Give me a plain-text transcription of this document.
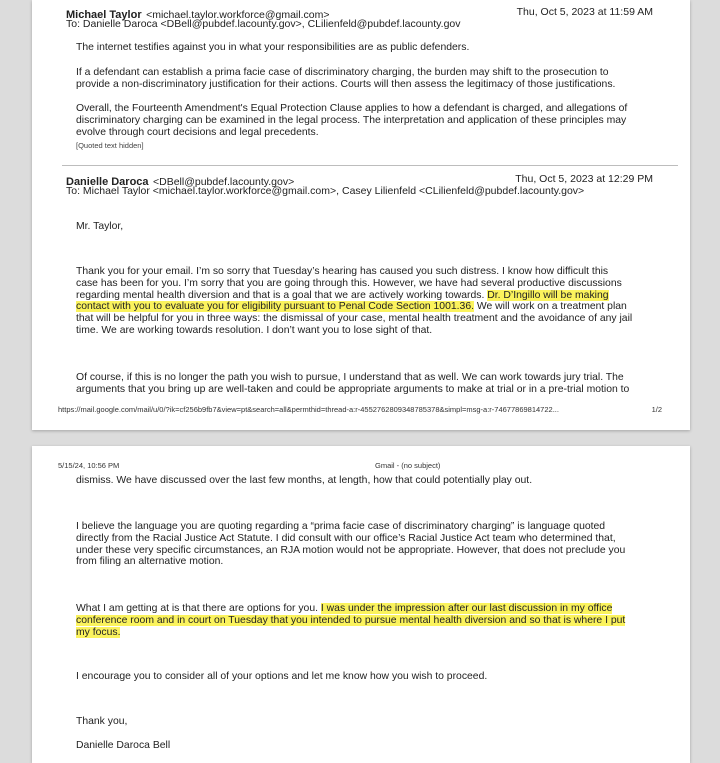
Michael Taylor <michael.taylor.workforce@gmail.com>	Thu, Oct 5, 2023 at 11:59 AM
To: Danielle Daroca <DBell@pubdef.lacounty.gov>, CLilienfeld@pubdef.lacounty.gov
The internet testifies against you in what your responsibilities are as public defenders.
If a defendant can establish a prima facie case of discriminatory charging, the burden may shift to the prosecution to
provide a non-discriminatory justification for their actions. Courts will then assess the legitimacy of those justifications.
Overall, the Fourteenth Amendment's Equal Protection Clause applies to how a defendant is charged, and allegations of
discriminatory charging can be examined in the legal process. The interpretation and application of these principles may
evolve through court decisions and legal precedents.
[Quoted text hidden]
Danielle Daroca <DBell@pubdef.lacounty.gov>	Thu, Oct 5, 2023 at 12:29 PM
To: Michael Taylor <michael.taylor.workforce@gmail.com>, Casey Lilienfeld <CLilienfeld@pubdef.lacounty.gov>
Mr. Taylor,
Thank you for your email. I’m so sorry that Tuesday’s hearing has caused you such distress. I know how difficult this
case has been for you. I’m sorry that you are going through this. However, we have had several productive discussions
regarding mental health diversion and that is a goal that we are actively working towards. Dr. D’Ingillo will be making
contact with you to evaluate you for eligibility pursuant to Penal Code Section 1001.36. We will work on a treatment plan
that will be helpful for you in three ways: the dismissal of your case, mental health treatment and the avoidance of any jail
time. We are working towards resolution. I don’t want you to lose sight of that.
Of course, if this is no longer the path you wish to pursue, I understand that as well. We can work towards jury trial. The
arguments that you bring up are well-taken and could be appropriate arguments to make at trial or in a pre-trial motion to
https://mail.google.com/mail/u/0/?ik=cf256b9fb7&view=pt&search=all&permthid=thread-a:r-4552762809348785378&simpl=msg-a:r-74677869814722...	1/2
5/15/24, 10:56 PM	Gmail - (no subject)
dismiss. We have discussed over the last few months, at length, how that could potentially play out.
I believe the language you are quoting regarding a “prima facie case of discriminatory charging” is language quoted
directly from the Racial Justice Act Statute. I did consult with our office’s Racial Justice Act team who determined that,
under these very specific circumstances, an RJA motion would not be appropriate. However, that does not preclude you
from filing an alternative motion.
What I am getting at is that there are options for you. I was under the impression after our last discussion in my office
conference room and in court on Tuesday that you intended to pursue mental health diversion and so that is where I put
my focus.
I encourage you to consider all of your options and let me know how you wish to proceed.
Thank you,
Danielle Daroca Bell
